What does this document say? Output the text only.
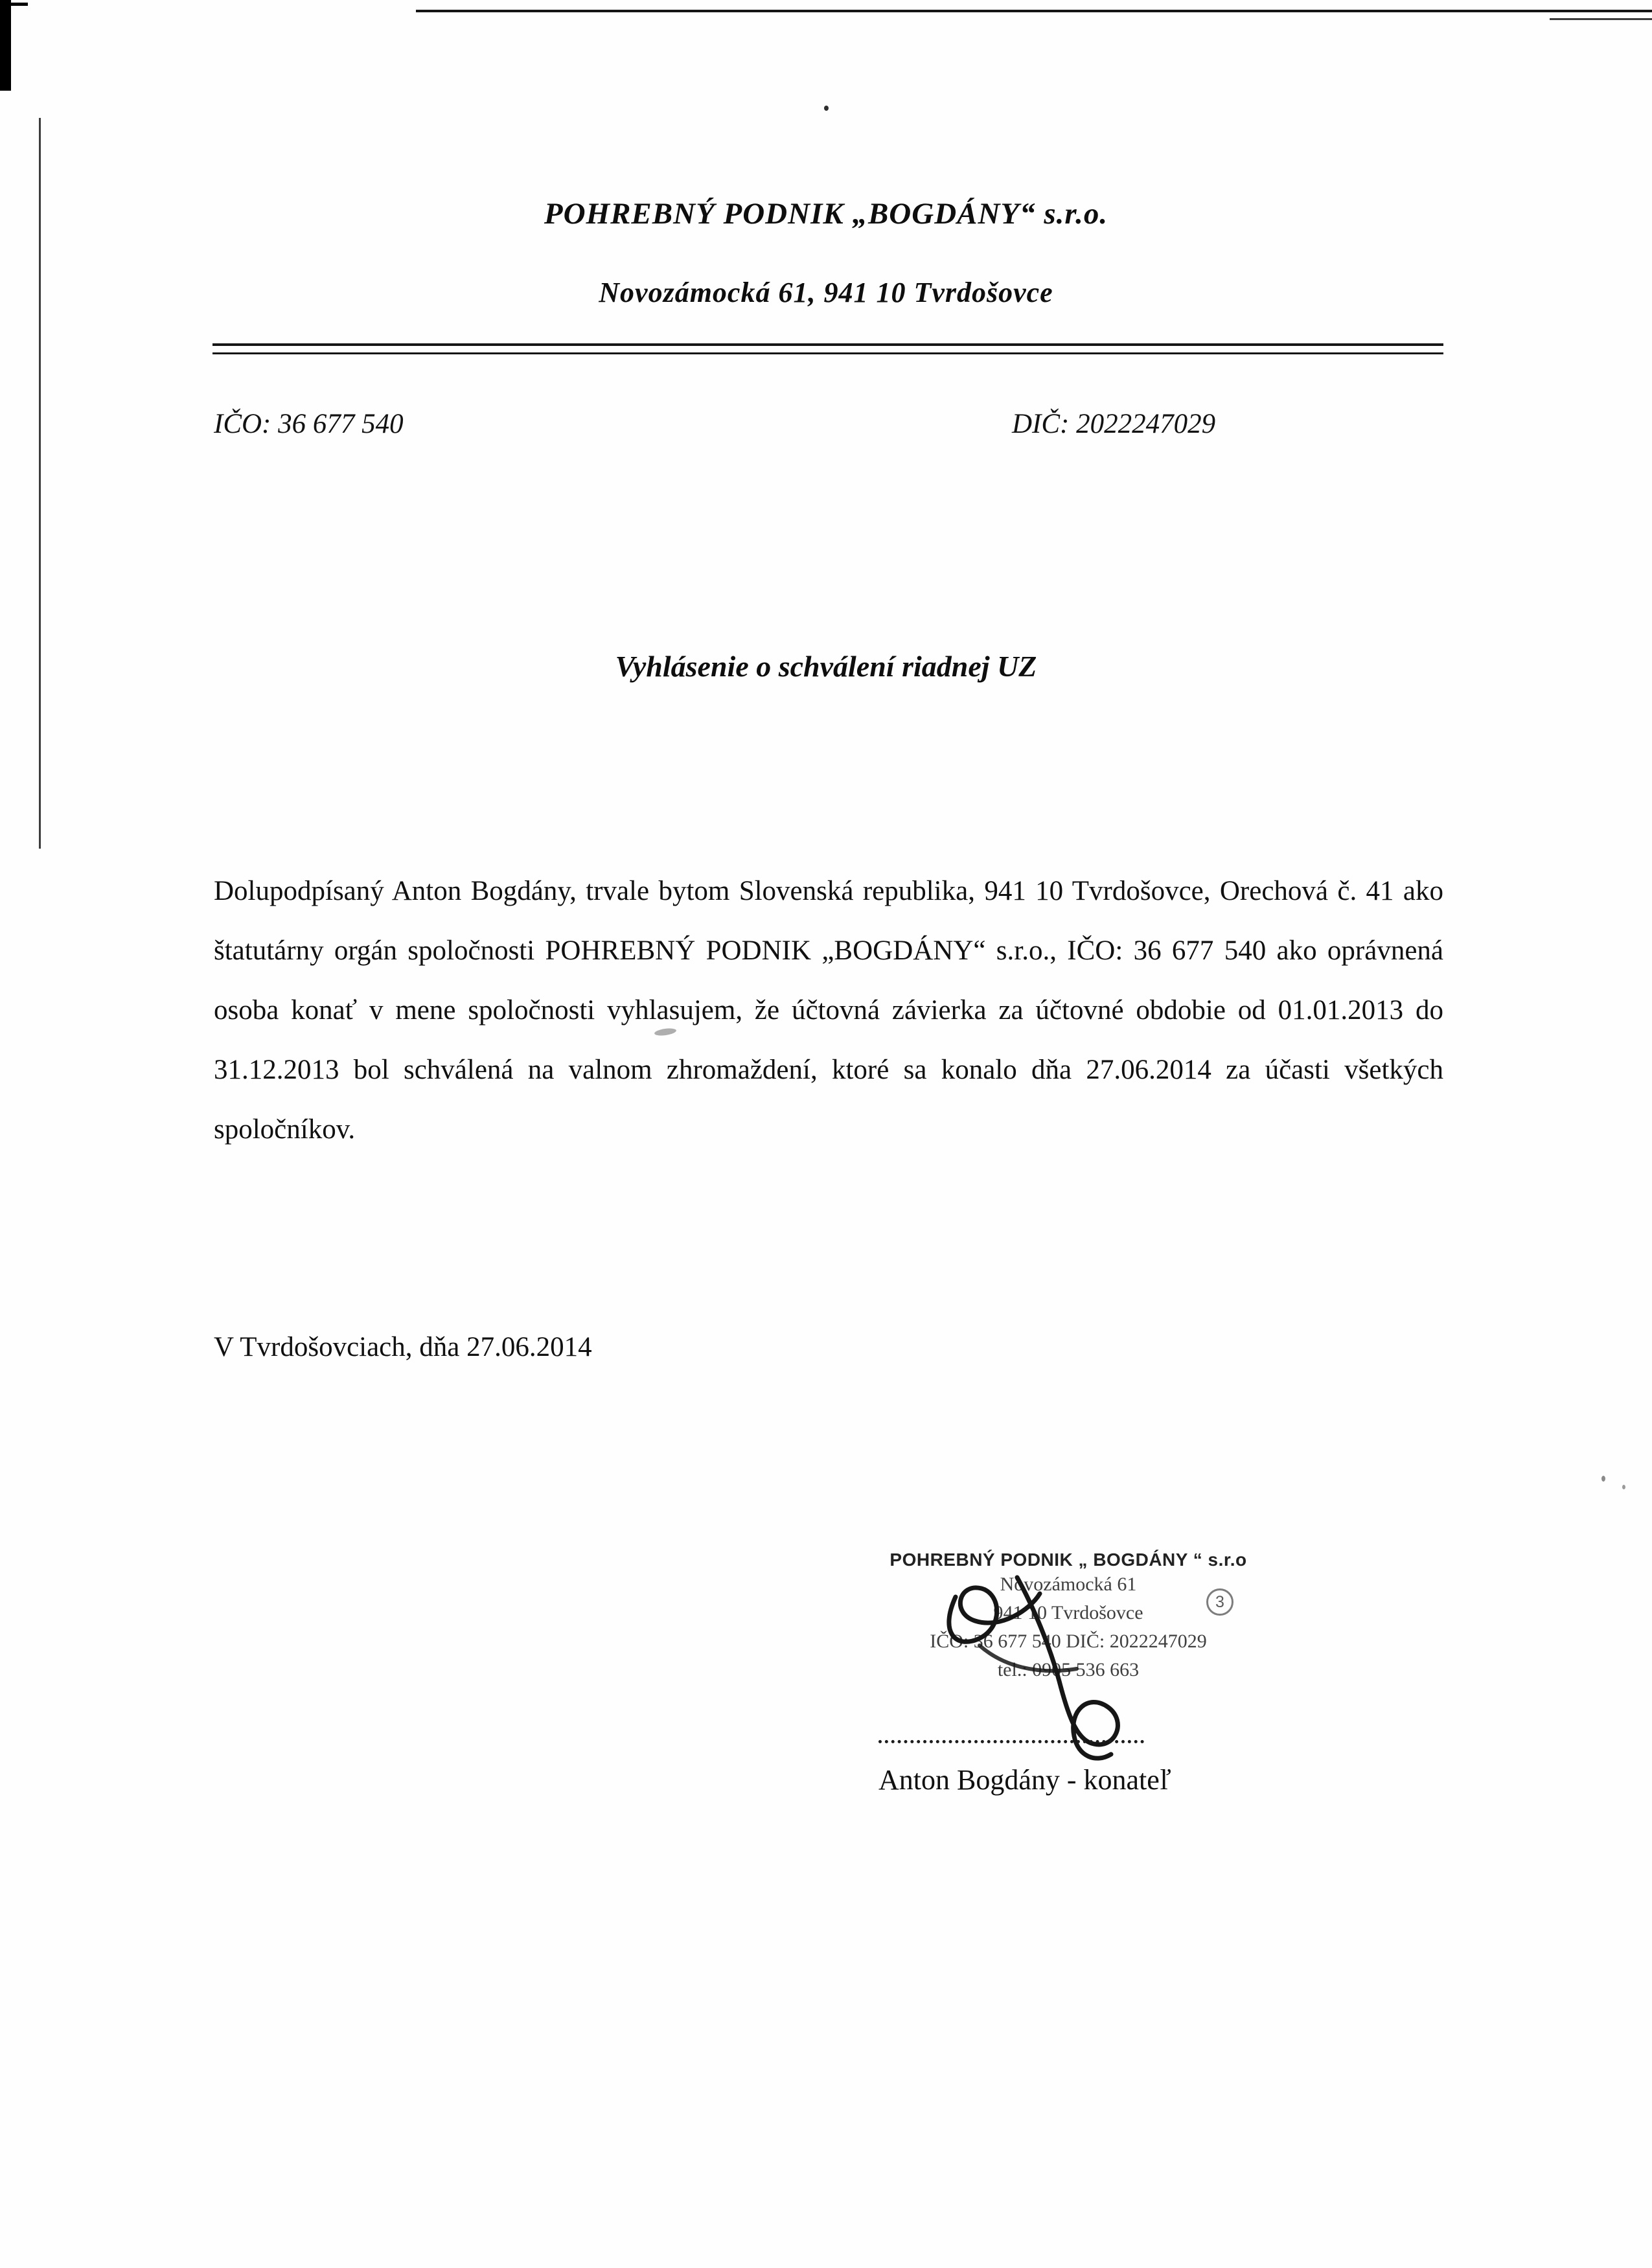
POHREBNÝ PODNIK „BOGDÁNY“ s.r.o.
Novozámocká 61, 941 10 Tvrdošovce
IČO: 36 677 540	DIČ: 2022247029
Vyhlásenie o schválení riadnej UZ

Dolupodpísaný Anton Bogdány, trvale bytom Slovenská republika, 941 10 Tvrdošovce, Orechová č. 41 ako štatutárny orgán spoločnosti POHREBNÝ PODNIK „BOGDÁNY“ s.r.o., IČO: 36 677 540 ako oprávnená osoba konať v mene spoločnosti vyhlasujem, že účtovná závierka za účtovné obdobie od 01.01.2013 do 31.12.2013 bol schválená na valnom zhromaždení, ktoré sa konalo dňa 27.06.2014 za účasti všetkých spoločníkov.

V Tvrdošovciach, dňa 27.06.2014

POHREBNÝ PODNIK „ BOGDÁNY “ s.r.o
Novozámocká 61
941 10 Tvrdošovce
IČO: 36 677 540 DIČ: 2022247029
tel.: 0905 536 663
3
Anton Bogdány - konateľ
